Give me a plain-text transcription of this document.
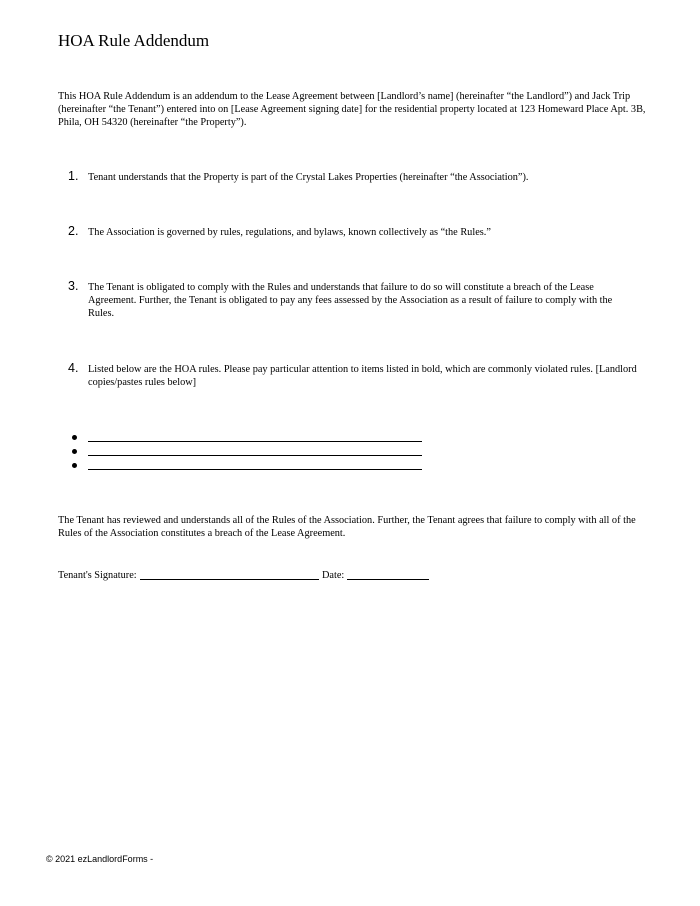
HOA Rule Addendum
This HOA Rule Addendum is an addendum to the Lease Agreement between [Landlord’s name] (hereinafter “the Landlord”) and Jack Trip (hereinafter “the Tenant”) entered into on [Lease Agreement signing date] for the residential property located at 123 Homeward Place Apt. 3B, Phila, OH 54320 (hereinafter “the Property”).
1. Tenant understands that the Property is part of the Crystal Lakes Properties (hereinafter “the Association”).
2. The Association is governed by rules, regulations, and bylaws, known collectively as “the Rules.”
3. The Tenant is obligated to comply with the Rules and understands that failure to do so will constitute a breach of the Lease Agreement. Further, the Tenant is obligated to pay any fees assessed by the Association as a result of failure to comply with the Rules.
4. Listed below are the HOA rules. Please pay particular attention to items listed in bold, which are commonly violated rules. [Landlord copies/pastes rules below]
The Tenant has reviewed and understands all of the Rules of the Association. Further, the Tenant agrees that failure to comply with all of the Rules of the Association constitutes a breach of the Lease Agreement.
Tenant's Signature:	Date:
© 2021 ezLandlordForms -
